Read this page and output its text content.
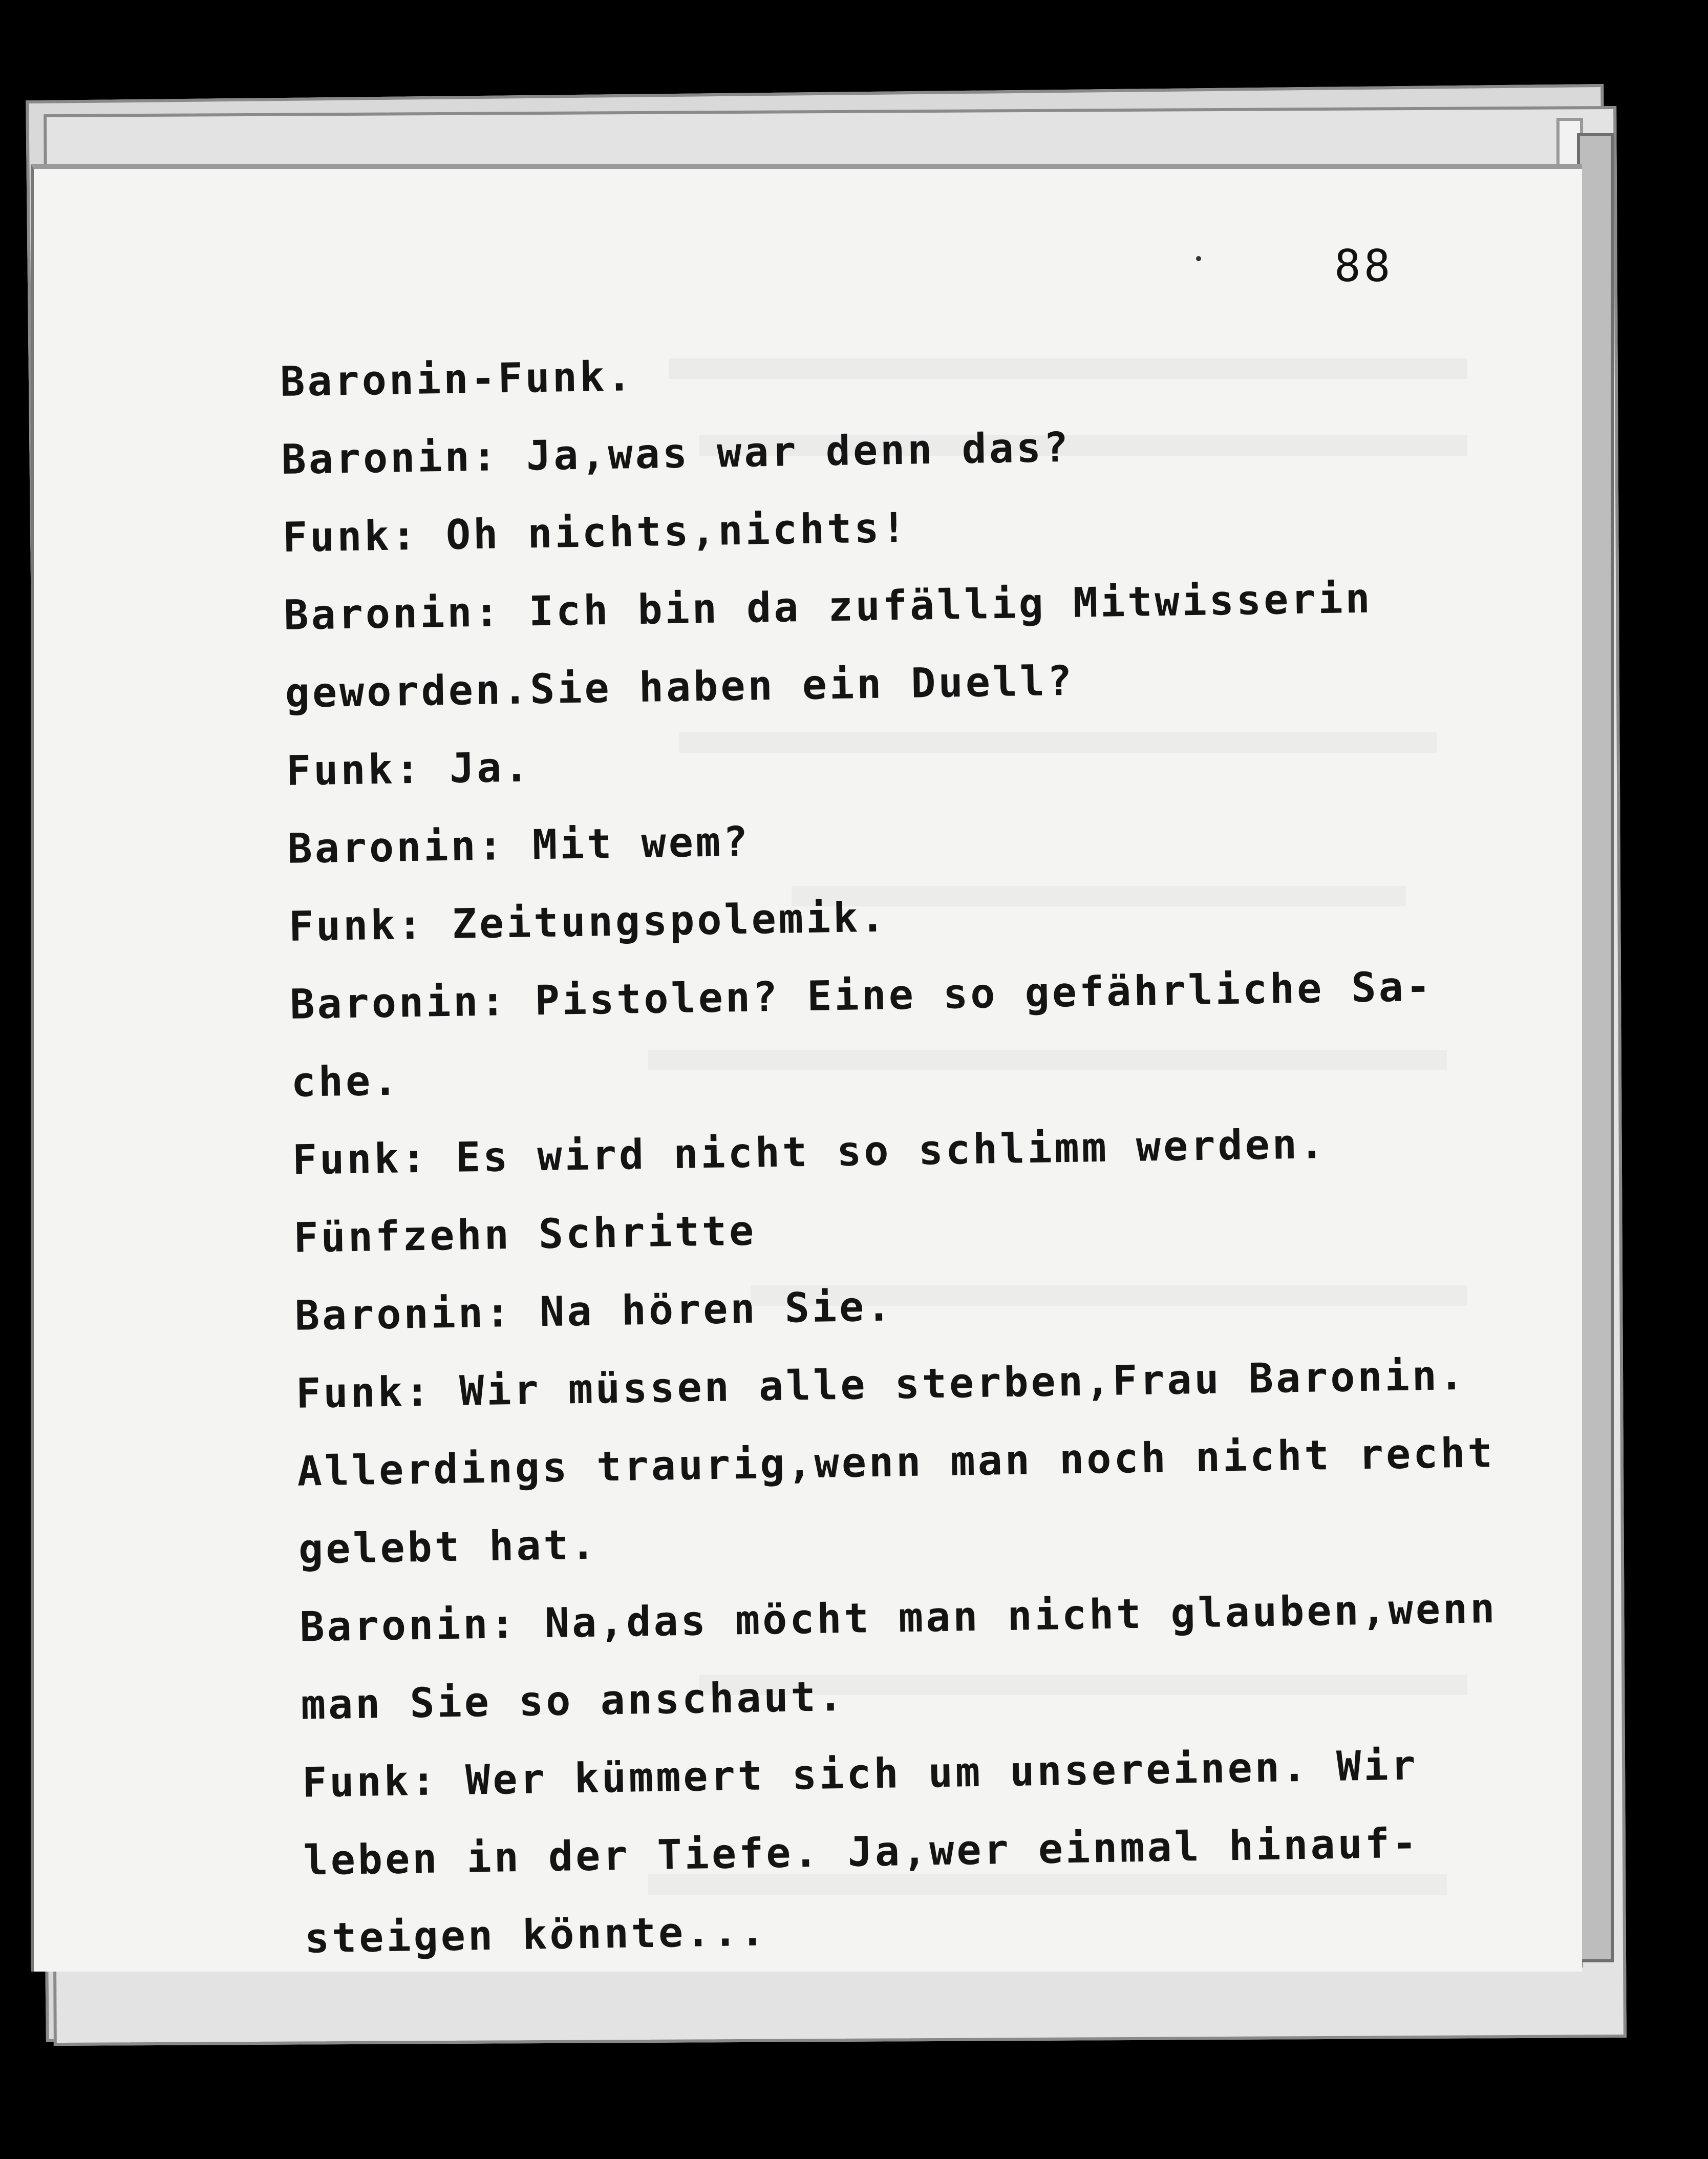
88
Baronin-Funk.
Baronin: Ja,was war denn das?
Funk: Oh nichts,nichts!
Baronin: Ich bin da zufällig Mitwisserin
geworden.Sie haben ein Duell?
Funk: Ja.
Baronin: Mit wem?
Funk: Zeitungspolemik.
Baronin: Pistolen? Eine so gefährliche Sa-
che.
Funk: Es wird nicht so schlimm werden.
Fünfzehn Schritte
Baronin: Na hören Sie.
Funk: Wir müssen alle sterben,Frau Baronin.
Allerdings traurig,wenn man noch nicht recht
gelebt hat.
Baronin: Na,das möcht man nicht glauben,wenn
man Sie so anschaut.
Funk: Wer kümmert sich um unsereinen. Wir
leben in der Tiefe. Ja,wer einmal hinauf-
steigen könnte...
